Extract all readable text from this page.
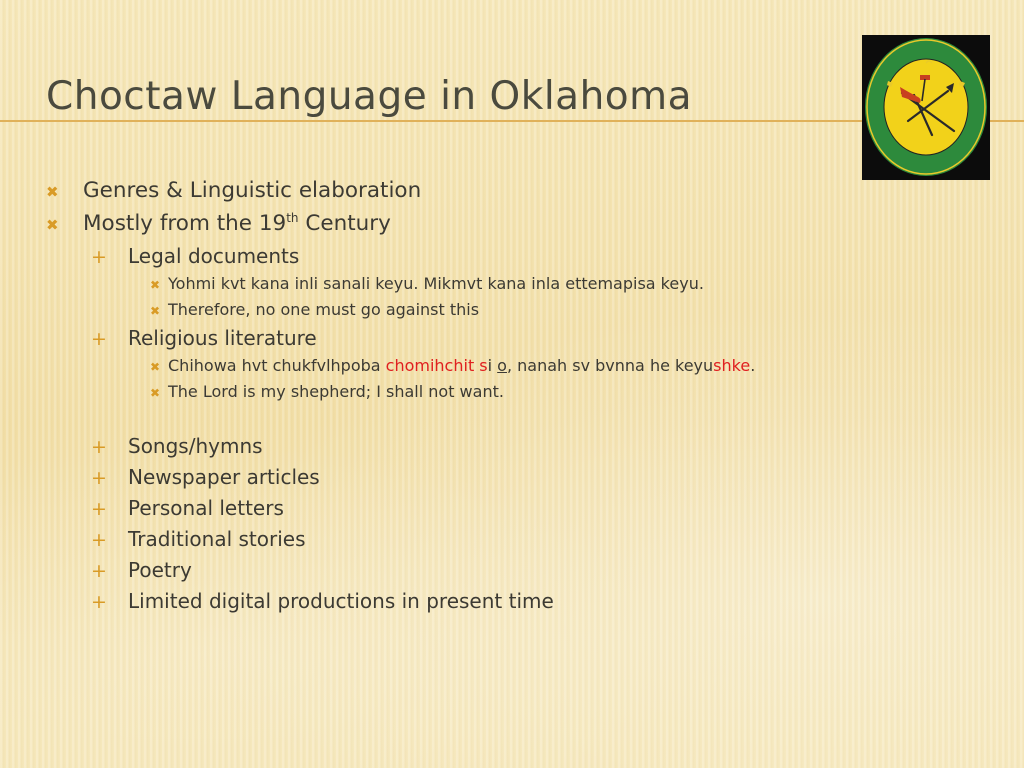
Choctaw Language in Oklahoma
✖	Genres & Linguistic elaboration
✖	Mostly from the 19th Century
+	Legal documents
✖ Yohmi kvt kana inli sanali keyu. Mikmvt kana inla ettemapisa keyu.
✖ Therefore, no one must go against this
+	Religious literature
✖ Chihowa hvt chukfvlhpoba chomihchit si o, nanah sv bvnna he keyushke.
✖ The Lord is my shepherd; I shall not want.
+	Songs/hymns
+	Newspaper articles
+	Personal letters
+	Traditional stories
+	Poetry
+	Limited digital productions in present time
